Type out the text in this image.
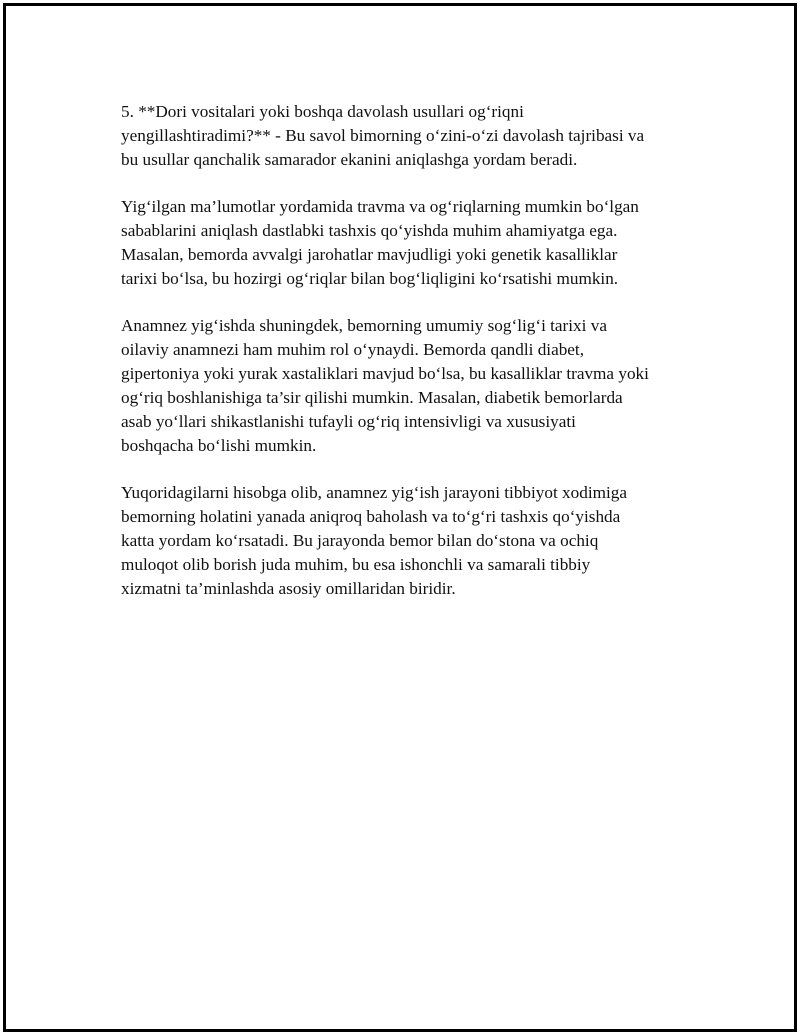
5. **Dori vositalari yoki boshqa davolash usullari og‘riqni
yengillashtiradimi?** - Bu savol bimorning o‘zini-o‘zi davolash tajribasi va
bu usullar qanchalik samarador ekanini aniqlashga yordam beradi.

Yig‘ilgan ma’lumotlar yordamida travma va og‘riqlarning mumkin bo‘lgan
sabablarini aniqlash dastlabki tashxis qo‘yishda muhim ahamiyatga ega.
Masalan, bemorda avvalgi jarohatlar mavjudligi yoki genetik kasalliklar
tarixi bo‘lsa, bu hozirgi og‘riqlar bilan bog‘liqligini ko‘rsatishi mumkin.

Anamnez yig‘ishda shuningdek, bemorning umumiy sog‘lig‘i tarixi va
oilaviy anamnezi ham muhim rol o‘ynaydi. Bemorda qandli diabet,
gipertoniya yoki yurak xastaliklari mavjud bo‘lsa, bu kasalliklar travma yoki
og‘riq boshlanishiga ta’sir qilishi mumkin. Masalan, diabetik bemorlarda
asab yo‘llari shikastlanishi tufayli og‘riq intensivligi va xususiyati
boshqacha bo‘lishi mumkin.

Yuqoridagilarni hisobga olib, anamnez yig‘ish jarayoni tibbiyot xodimiga
bemorning holatini yanada aniqroq baholash va to‘g‘ri tashxis qo‘yishda
katta yordam ko‘rsatadi. Bu jarayonda bemor bilan do‘stona va ochiq
muloqot olib borish juda muhim, bu esa ishonchli va samarali tibbiy
xizmatni ta’minlashda asosiy omillaridan biridir.
